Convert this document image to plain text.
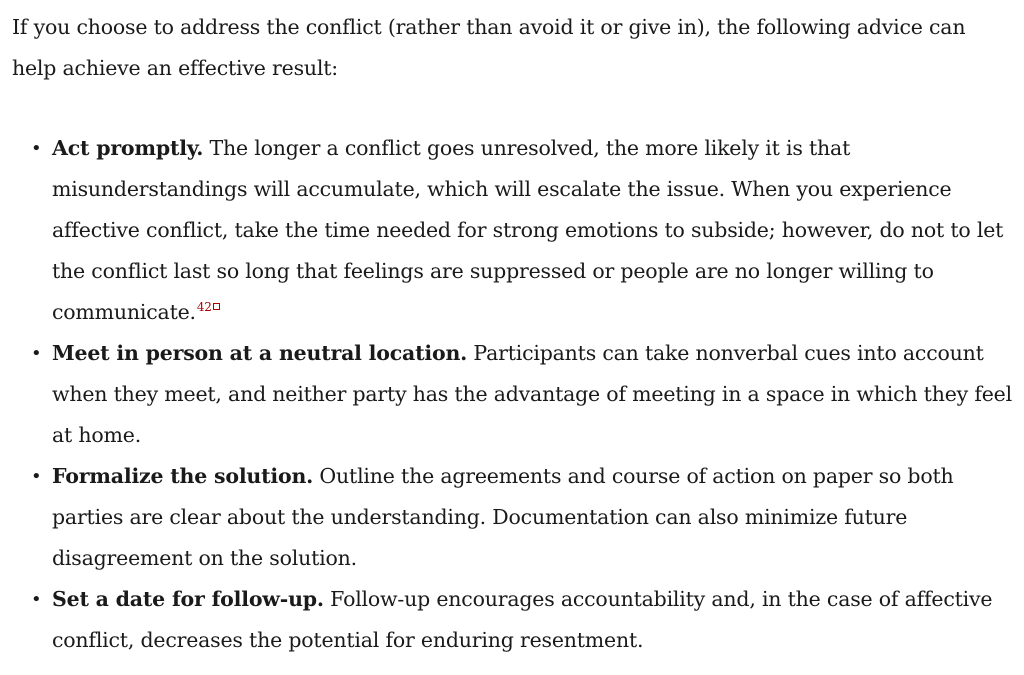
If you choose to address the conflict (rather than avoid it or give in), the following advice can help achieve an effective result:

• Act promptly. The longer a conflict goes unresolved, the more likely it is that misunderstandings will accumulate, which will escalate the issue. When you experience affective conflict, take the time needed for strong emotions to subside; however, do not to let the conflict last so long that feelings are suppressed or people are no longer willing to communicate.$^{42}$
• Meet in person at a neutral location. Participants can take nonverbal cues into account when they meet, and neither party has the advantage of meeting in a space in which they feel at home.
• Formalize the solution. Outline the agreements and course of action on paper so both parties are clear about the understanding. Documentation can also minimize future disagreement on the solution.
• Set a date for follow-up. Follow-up encourages accountability and, in the case of affective conflict, decreases the potential for enduring resentment.
